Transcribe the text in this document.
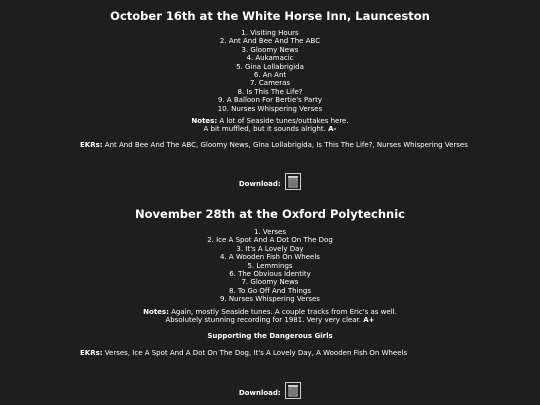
October 16th at the White Horse Inn, Launceston
1. Visiting Hours
2. Ant And Bee And The ABC
3. Gloomy News
4. Aukamacic
5. Gina Lollabrigida
6. An Ant
7. Cameras
8. Is This The Life?
9. A Balloon For Bertie's Party
10. Nurses Whispering Verses
Notes: A lot of Seaside tunes/outtakes here.
A bit muffled, but it sounds alright. A-
EKRs: Ant And Bee And The ABC, Gloomy News, Gina Lollabrigida, Is This The Life?, Nurses Whispering Verses
Download:
November 28th at the Oxford Polytechnic
1. Verses
2. Ice A Spot And A Dot On The Dog
3. It's A Lovely Day
4. A Wooden Fish On Wheels
5. Lemmings
6. The Obvious Identity
7. Gloomy News
8. To Go Off And Things
9. Nurses Whispering Verses
Notes: Again, mostly Seaside tunes. A couple tracks from Eric's as well.
Absolutely stunning recording for 1981. Very very clear. A+
Supporting the Dangerous Girls
EKRs: Verses, Ice A Spot And A Dot On The Dog, It's A Lovely Day, A Wooden Fish On Wheels
Download:
